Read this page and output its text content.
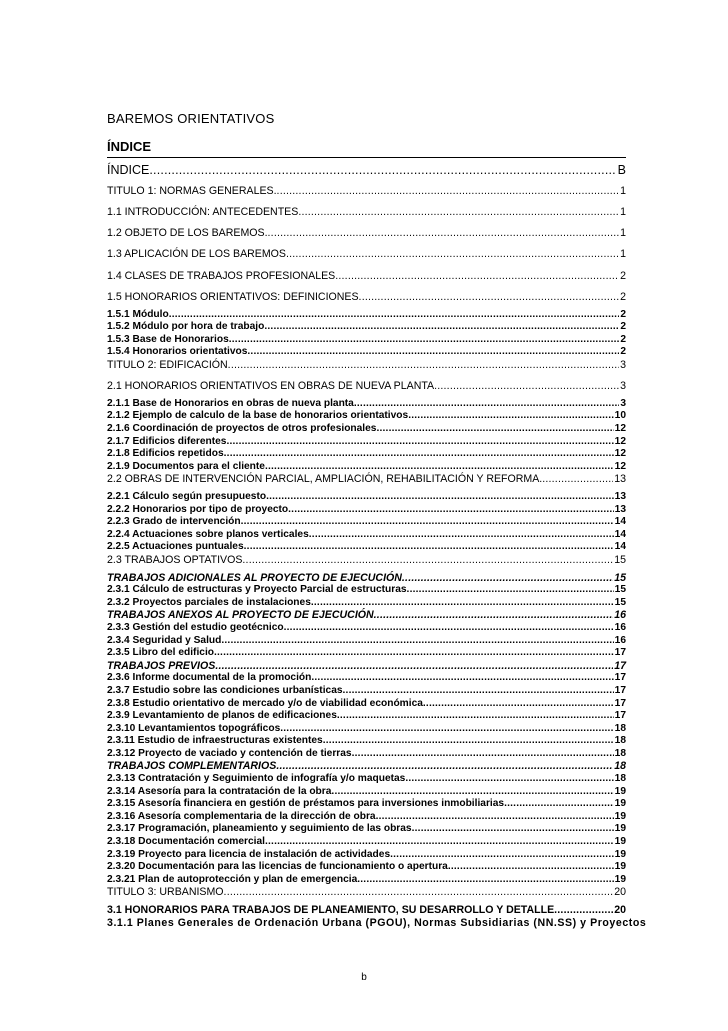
BAREMOS ORIENTATIVOS
ÍNDICE
ÍNDICE .....	B
TITULO 1: NORMAS GENERALES. .....	1
1.1 INTRODUCCIÓN: ANTECEDENTES .....	1
1.2 OBJETO DE LOS BAREMOS. .....	1
1.3 APLICACIÓN DE LOS BAREMOS .....	1
1.4 CLASES DE TRABAJOS PROFESIONALES .....	2
1.5 HONORARIOS ORIENTATIVOS: DEFINICIONES .....	2
1.5.1 Módulo .....	2
1.5.2 Módulo por hora de trabajo .....	2
1.5.3 Base de Honorarios .....	2
1.5.4 Honorarios orientativos .....	2
TITULO 2: EDIFICACIÓN .....	3
2.1 HONORARIOS ORIENTATIVOS EN OBRAS DE NUEVA PLANTA .....	3
2.1.1 Base de Honorarios en obras de nueva planta .....	3
2.1.2 Ejemplo de calculo de la base de honorarios orientativos .....	10
2.1.6 Coordinación de proyectos de otros profesionales .....	12
2.1.7 Edificios diferentes .....	12
2.1.8 Edificios repetidos .....	12
2.1.9 Documentos para el cliente .....	12
2.2 OBRAS DE INTERVENCIÓN PARCIAL, AMPLIACIÓN, REHABILITACIÓN Y REFORMA. .....	13
2.2.1 Cálculo según presupuesto .....	13
2.2.2 Honorarios por tipo de proyecto .....	13
2.2.3 Grado de intervención .....	14
2.2.4 Actuaciones sobre planos verticales .....	14
2.2.5 Actuaciones puntuales .....	14
2.3 TRABAJOS OPTATIVOS .....	15
TRABAJOS ADICIONALES AL PROYECTO DE EJECUCIÓN .....	15
2.3.1 Cálculo de estructuras y Proyecto Parcial de estructuras .....	15
2.3.2 Proyectos parciales de instalaciones .....	15
TRABAJOS ANEXOS AL PROYECTO DE EJECUCIÓN .....	16
2.3.3 Gestión del estudio geotécnico .....	16
2.3.4 Seguridad y Salud .....	16
2.3.5 Libro del edificio .....	17
TRABAJOS PREVIOS .....	17
2.3.6 Informe documental de la promoción .....	17
2.3.7 Estudio sobre las condiciones urbanísticas .....	17
2.3.8 Estudio orientativo de mercado y/o de viabilidad económica .....	17
2.3.9 Levantamiento de planos de edificaciones .....	17
2.3.10 Levantamientos topográficos .....	18
2.3.11 Estudio de infraestructuras existentes .....	18
2.3.12 Proyecto de vaciado y contención de tierras .....	18
TRABAJOS COMPLEMENTARIOS .....	18
2.3.13 Contratación y Seguimiento de infografía y/o maquetas .....	18
2.3.14 Asesoría para la contratación de la obra .....	19
2.3.15 Asesoría financiera en gestión de préstamos para inversiones inmobiliarias .....	19
2.3.16 Asesoría complementaria de la dirección de obra .....	19
2.3.17 Programación, planeamiento y seguimiento de las obras .....	19
2.3.18 Documentación comercial .....	19
2.3.19 Proyecto para licencia de instalación de actividades .....	19
2.3.20 Documentación para las licencias de funcionamiento o apertura .....	19
2.3.21 Plan de autoprotección y plan de emergencia .....	19
TITULO 3: URBANISMO .....	20
3.1 HONORARIOS PARA TRABAJOS DE PLANEAMIENTO, SU DESARROLLO Y DETALLE .....	20
3.1.1 Planes Generales de Ordenación Urbana (PGOU), Normas Subsidiarias (NN.SS) y Proyectos
b
